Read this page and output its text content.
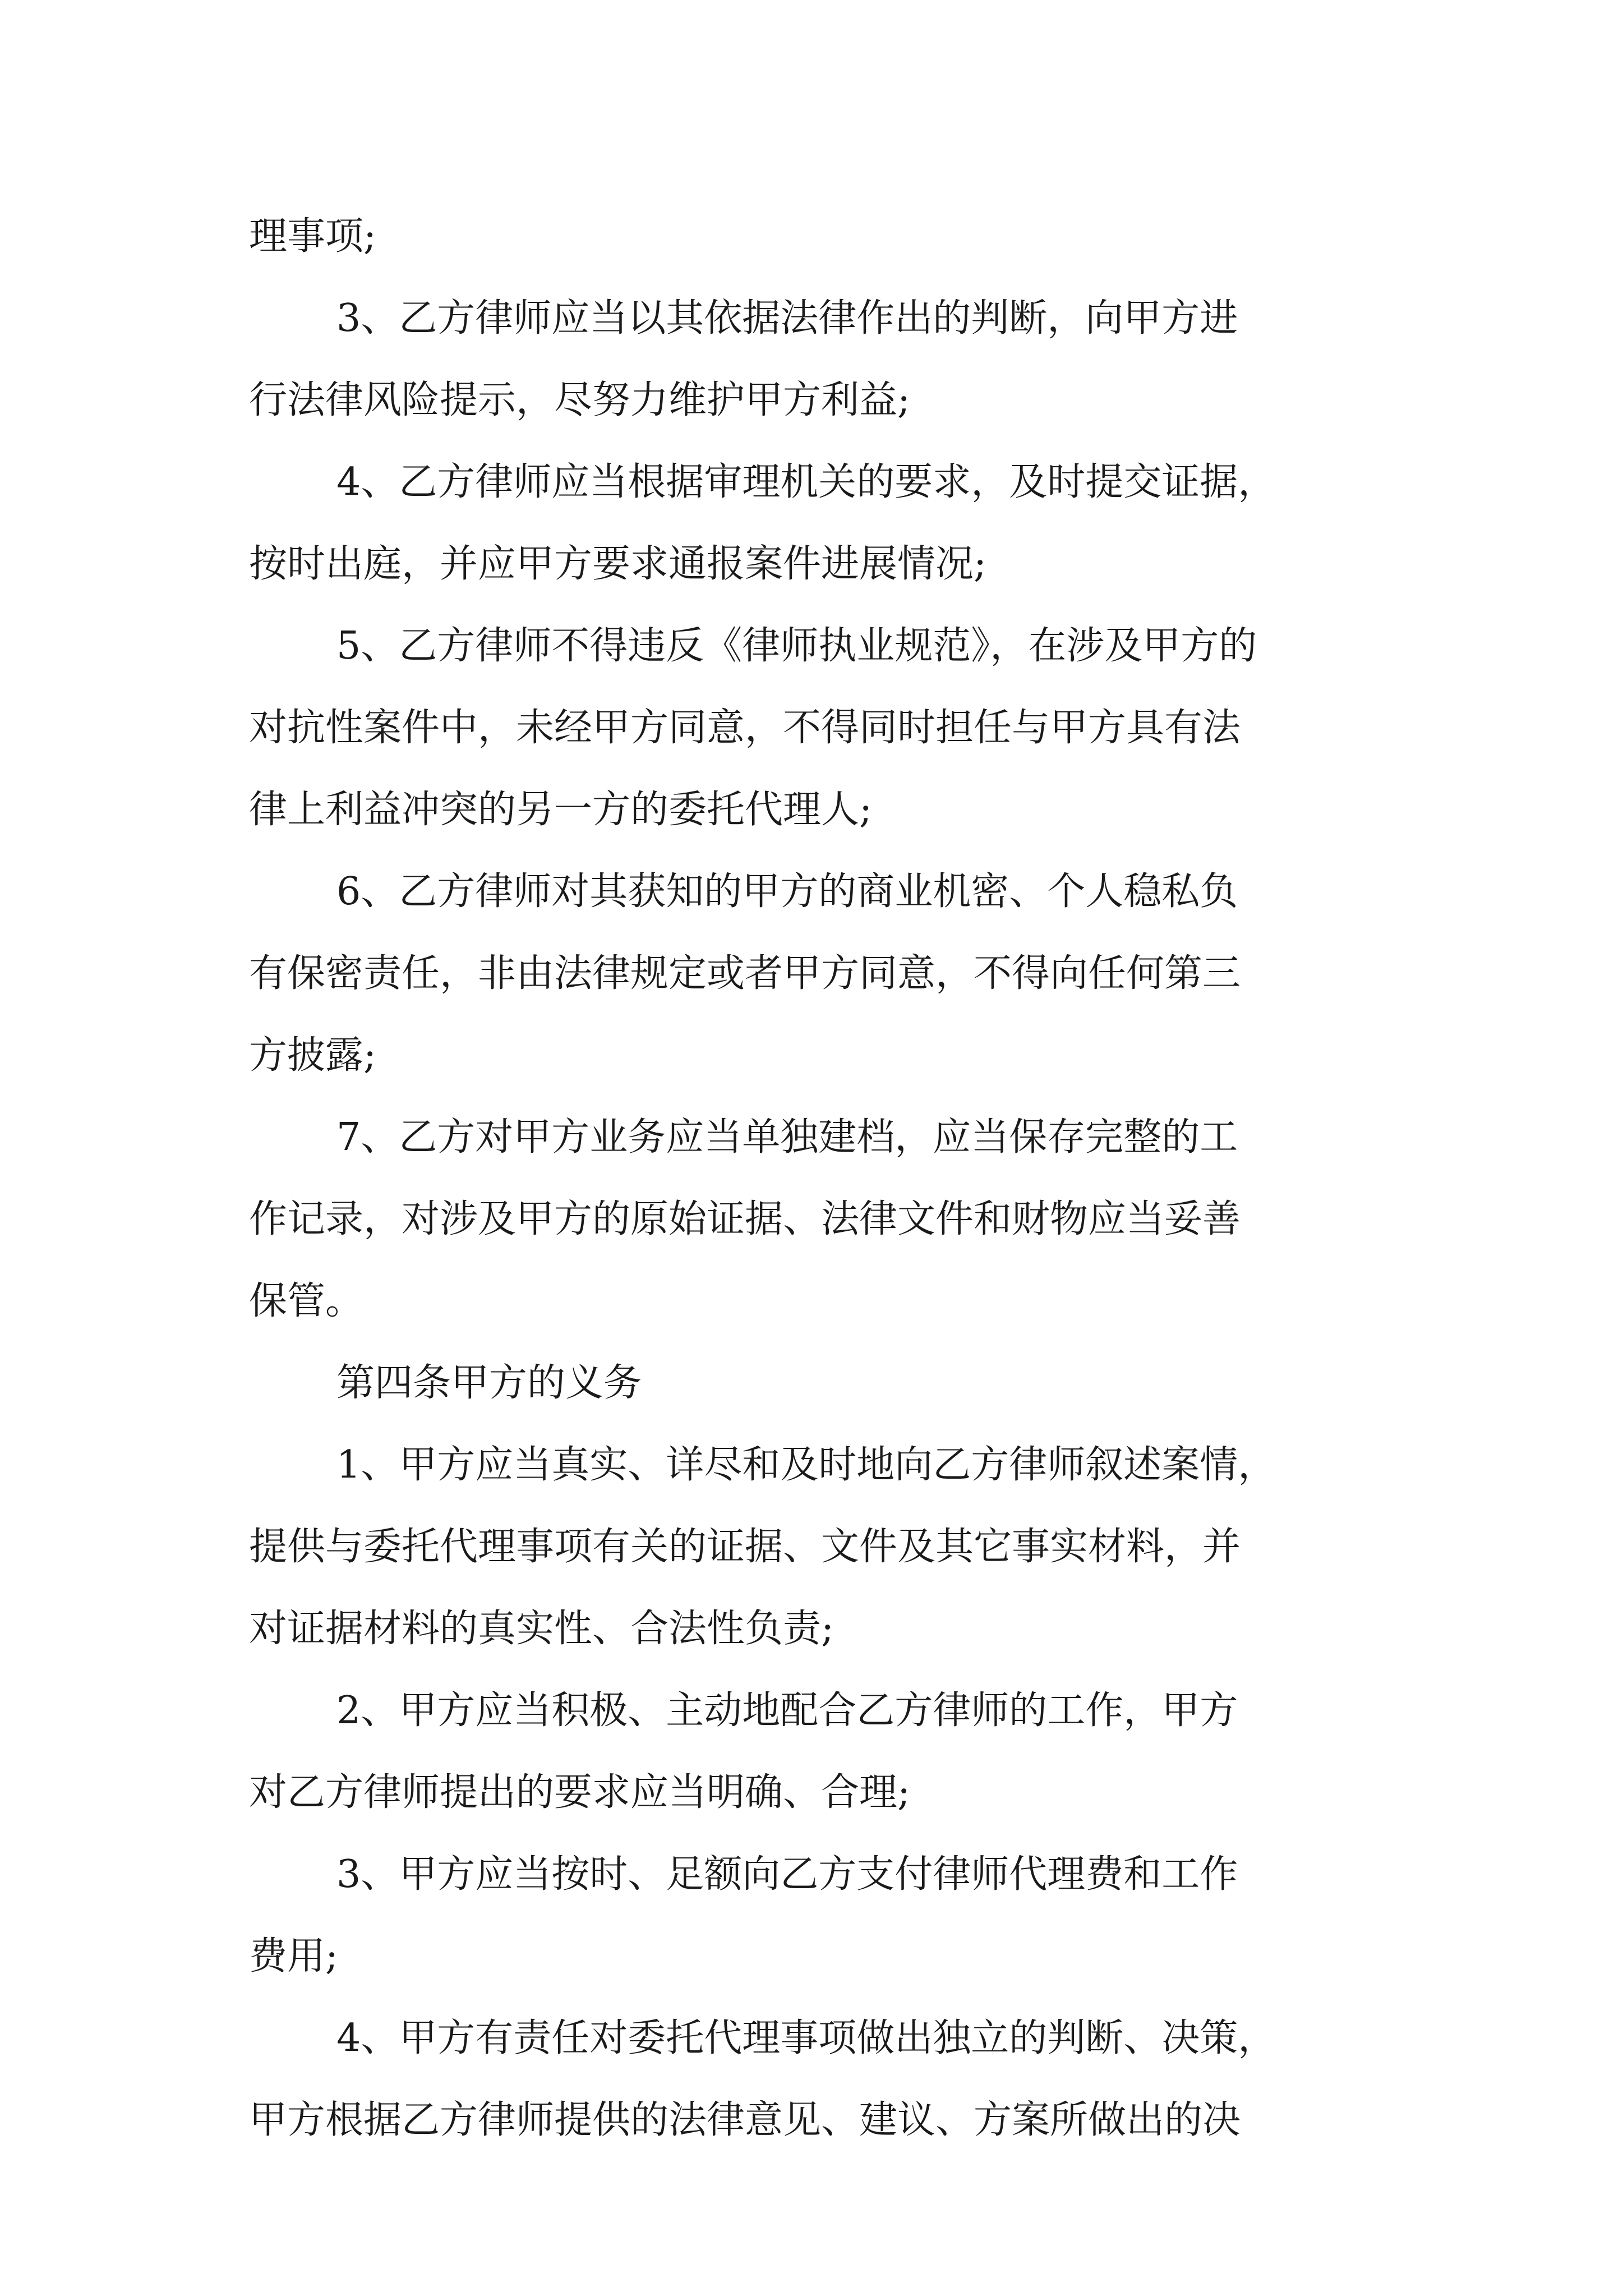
理事项;
3、乙方律师应当以其依据法律作出的判断，向甲方进
行法律风险提示，尽努力维护甲方利益;
4、乙方律师应当根据审理机关的要求，及时提交证据，
按时出庭，并应甲方要求通报案件进展情况;
5、乙方律师不得违反《律师执业规范》，在涉及甲方的
对抗性案件中，未经甲方同意，不得同时担任与甲方具有法
律上利益冲突的另一方的委托代理人;
6、乙方律师对其获知的甲方的商业机密、个人稳私负
有保密责任，非由法律规定或者甲方同意，不得向任何第三
方披露;
7、乙方对甲方业务应当单独建档，应当保存完整的工
作记录，对涉及甲方的原始证据、法律文件和财物应当妥善
保管。
第四条甲方的义务
1、甲方应当真实、详尽和及时地向乙方律师叙述案情，
提供与委托代理事项有关的证据、文件及其它事实材料，并
对证据材料的真实性、合法性负责;
2、甲方应当积极、主动地配合乙方律师的工作，甲方
对乙方律师提出的要求应当明确、合理;
3、甲方应当按时、足额向乙方支付律师代理费和工作
费用;
4、甲方有责任对委托代理事项做出独立的判断、决策，
甲方根据乙方律师提供的法律意见、建议、方案所做出的决
